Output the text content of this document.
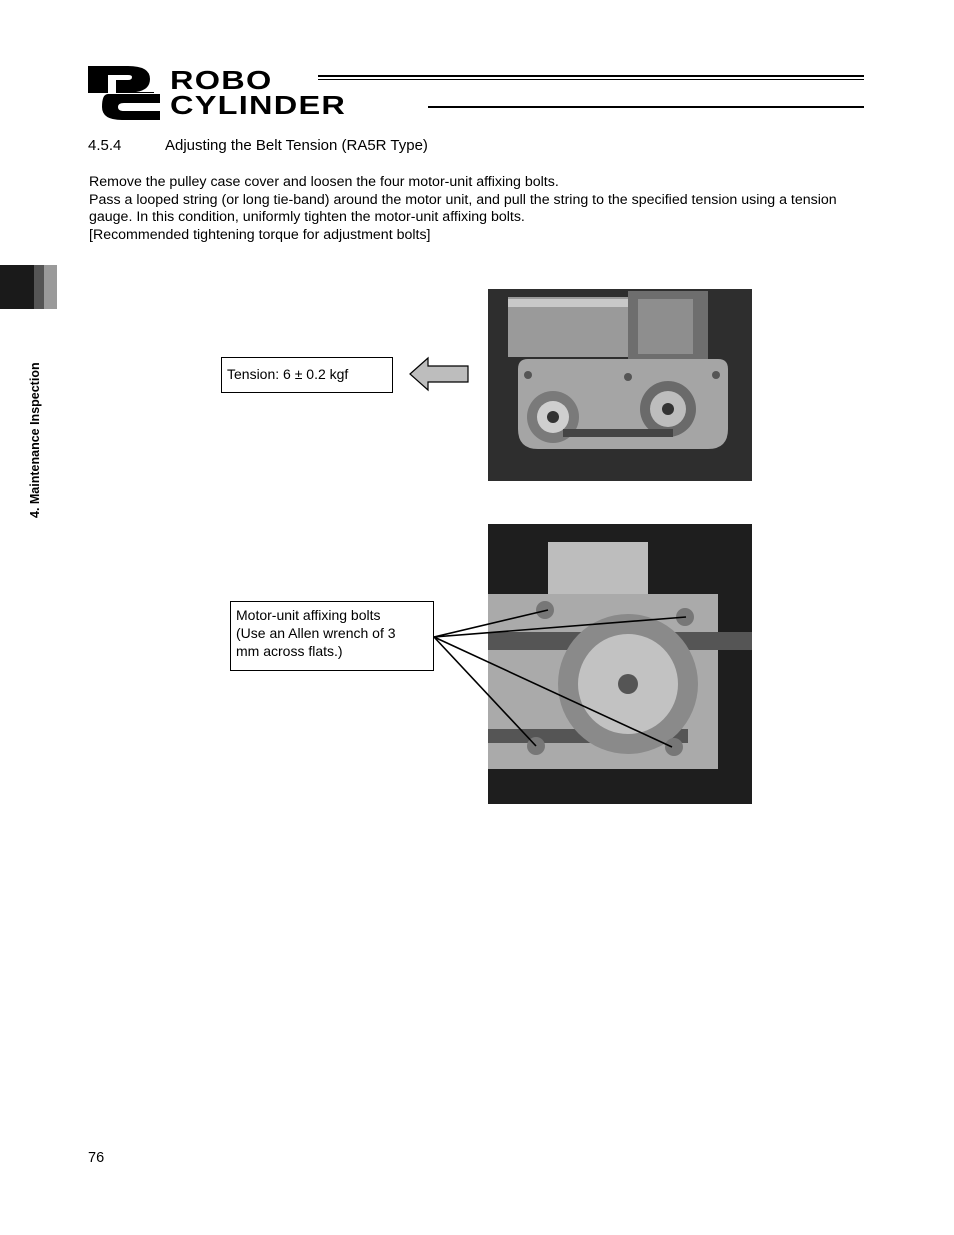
ROBO
CYLINDER
4. Maintenance Inspection
4.5.4	Adjusting the Belt Tension (RA5R Type)

Remove the pulley case cover and loosen the four motor-unit affixing bolts.

Pass a looped string (or long tie-band) around the motor unit, and pull the string to the specified tension using a tension gauge. In this condition, uniformly tighten the motor-unit affixing bolts.

[Recommended tightening torque for adjustment bolts]

Tension: 6 ± 0.2 kgf
Motor-unit affixing bolts
(Use an Allen wrench of 3
mm across flats.)
76
